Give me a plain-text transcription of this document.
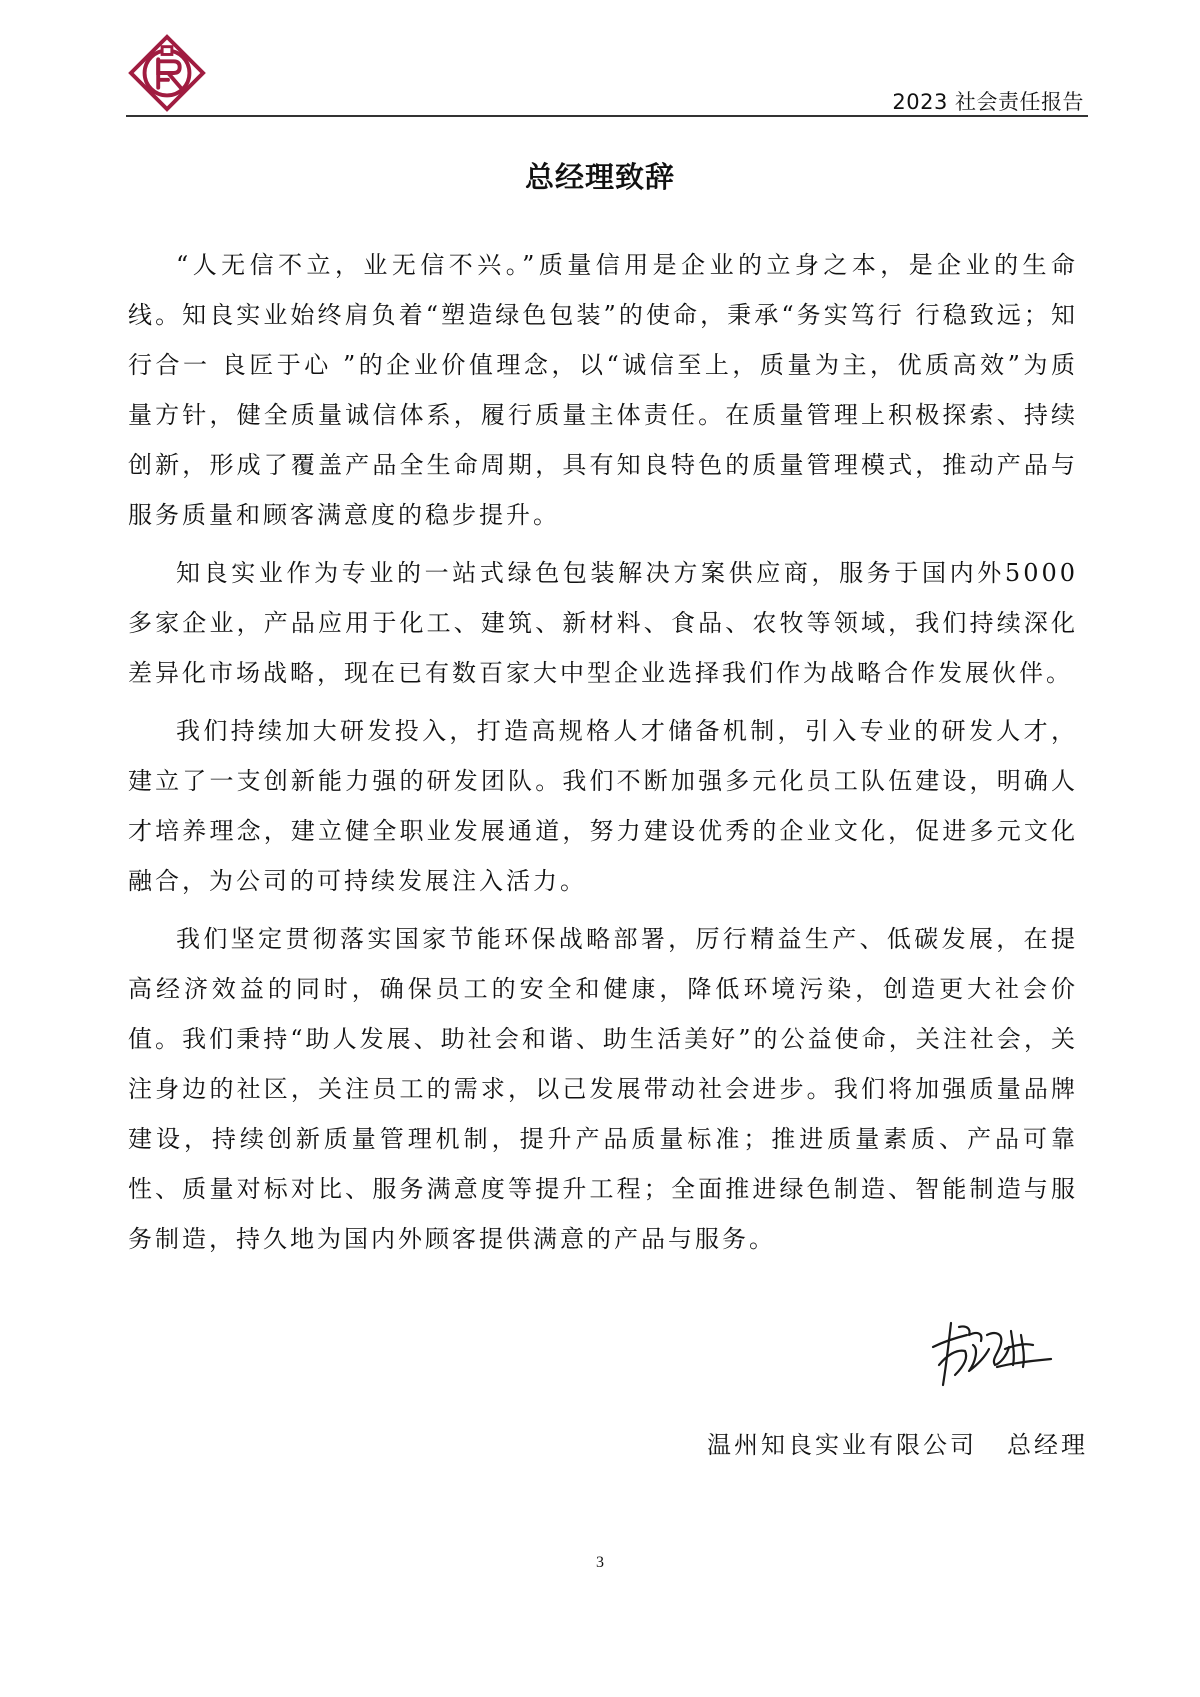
2023 社会责任报告
总经理致辞

“人无信不立，业无信不兴。”质量信用是企业的立身之本，是企业的生命线。知良实业始终肩负着“塑造绿色包装”的使命，秉承“务实笃行 行稳致远；知行合一 良匠于心 ”的企业价值理念，以“诚信至上，质量为主，优质高效”为质量方针，健全质量诚信体系，履行质量主体责任。在质量管理上积极探索、持续创新，形成了覆盖产品全生命周期，具有知良特色的质量管理模式，推动产品与服务质量和顾客满意度的稳步提升。

知良实业作为专业的一站式绿色包装解决方案供应商，服务于国内外5000多家企业，产品应用于化工、建筑、新材料、食品、农牧等领域，我们持续深化差异化市场战略，现在已有数百家大中型企业选择我们作为战略合作发展伙伴。

我们持续加大研发投入，打造高规格人才储备机制，引入专业的研发人才，建立了一支创新能力强的研发团队。我们不断加强多元化员工队伍建设，明确人才培养理念，建立健全职业发展通道，努力建设优秀的企业文化，促进多元文化融合，为公司的可持续发展注入活力。

我们坚定贯彻落实国家节能环保战略部署，厉行精益生产、低碳发展，在提高经济效益的同时，确保员工的安全和健康，降低环境污染，创造更大社会价值。我们秉持“助人发展、助社会和谐、助生活美好”的公益使命，关注社会，关注身边的社区，关注员工的需求，以己发展带动社会进步。我们将加强质量品牌建设，持续创新质量管理机制，提升产品质量标准；推进质量素质、产品可靠性、质量对标对比、服务满意度等提升工程；全面推进绿色制造、智能制造与服务制造，持久地为国内外顾客提供满意的产品与服务。

温州知良实业有限公司 总经理
3
